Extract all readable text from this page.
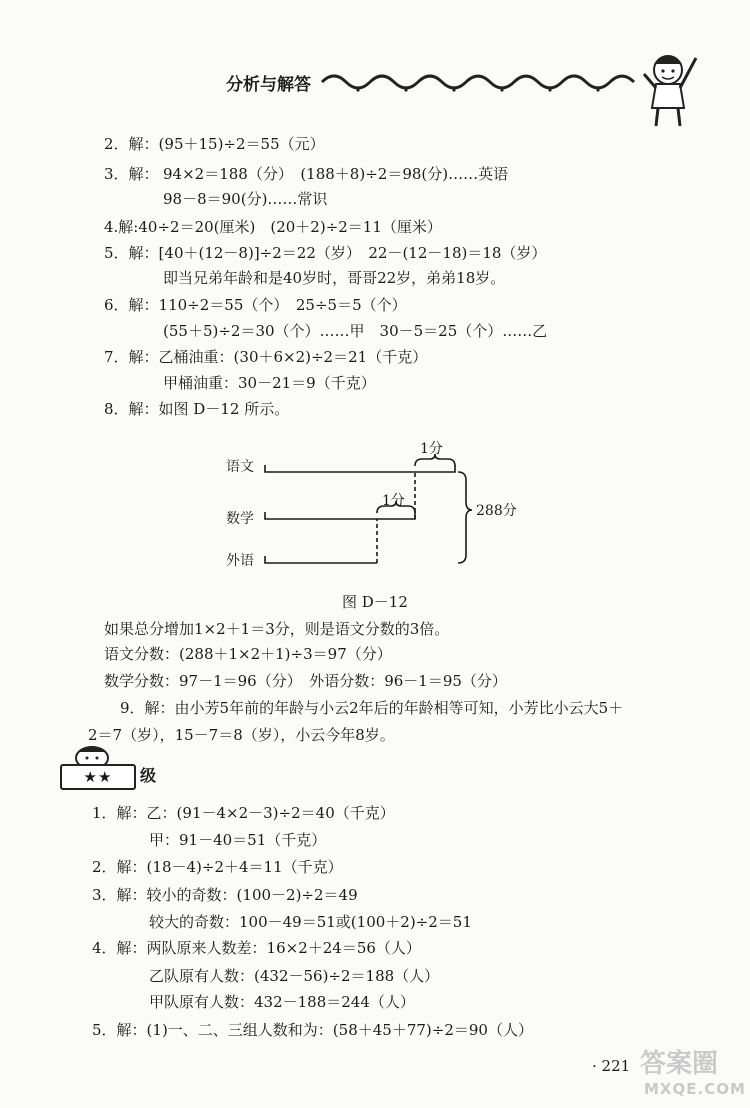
分析与解答
2．解：(95＋15)÷2＝55（元）
3．解： 94×2＝188（分）　(188＋8)÷2＝98(分)……英语
98－8＝90(分)……常识
4.解:40÷2＝20(厘米)　(20＋2)÷2＝11（厘米）
5．解：[40＋(12－8)]÷2＝22（岁）　22－(12－18)＝18（岁）
即当兄弟年龄和是40岁时，哥哥22岁，弟弟18岁。
6．解：110÷2＝55（个）　25÷5＝5（个）
(55＋5)÷2＝30（个）……甲　30－5＝25（个）……乙
7．解：乙桶油重：(30＋6×2)÷2＝21（千克）
甲桶油重：30－21＝9（千克）
8．解：如图 D－12 所示。
语文
数学
外语
1分
1分
288分
图 D－12
如果总分增加1×2＋1＝3分，则是语文分数的3倍。
语文分数：(288＋1×2＋1)÷3＝97（分）
数学分数：97－1＝96（分）　外语分数：96－1＝95（分）
9．解：由小芳5年前的年龄与小云2年后的年龄相等可知，小芳比小云大5＋
2＝7（岁），15－7＝8（岁），小云今年8岁。
★★	级
1．解：乙：(91－4×2－3)÷2＝40（千克）
甲：91－40＝51（千克）
2．解：(18－4)÷2＋4＝11（千克）
3．解：较小的奇数：(100－2)÷2＝49
较大的奇数：100－49＝51或(100＋2)÷2＝51
4．解：两队原来人数差：16×2＋24＝56（人）
乙队原有人数：(432－56)÷2＝188（人）
甲队原有人数：432－188＝244（人）
5．解：(1)一、二、三组人数和为：(58＋45＋77)÷2＝90（人）
· 221 答案圈
MXQE.COM
